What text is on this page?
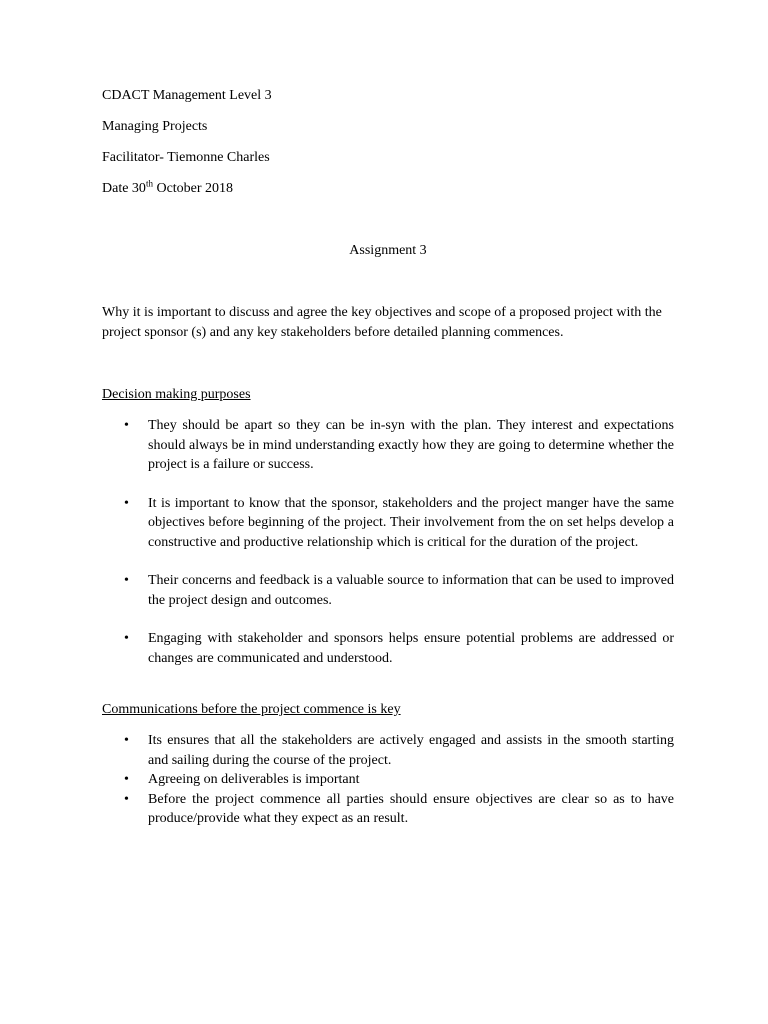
CDACT Management Level 3
Managing Projects
Facilitator- Tiemonne Charles
Date 30th October 2018
Assignment 3
Why it is important to discuss and agree the key objectives and scope of a proposed project with the project sponsor (s) and any key stakeholders before detailed planning commences.
Decision making purposes
• They should be apart so they can be in-syn with the plan. They interest and expectations should always be in mind understanding exactly how they are going to determine whether the project is a failure or success.
• It is important to know that the sponsor, stakeholders and the project manger have the same objectives before beginning of the project. Their involvement from the on set helps develop a constructive and productive relationship which is critical for the duration of the project.
• Their concerns and feedback is a valuable source to information that can be used to improved the project design and outcomes.
• Engaging with stakeholder and sponsors helps ensure potential problems are addressed or changes are communicated and understood.
Communications before the project commence is key
• Its ensures that all the stakeholders are actively engaged and assists in the smooth starting and sailing during the course of the project.
• Agreeing on deliverables is important
• Before the project commence all parties should ensure objectives are clear so as to have produce/provide what they expect as an result.
